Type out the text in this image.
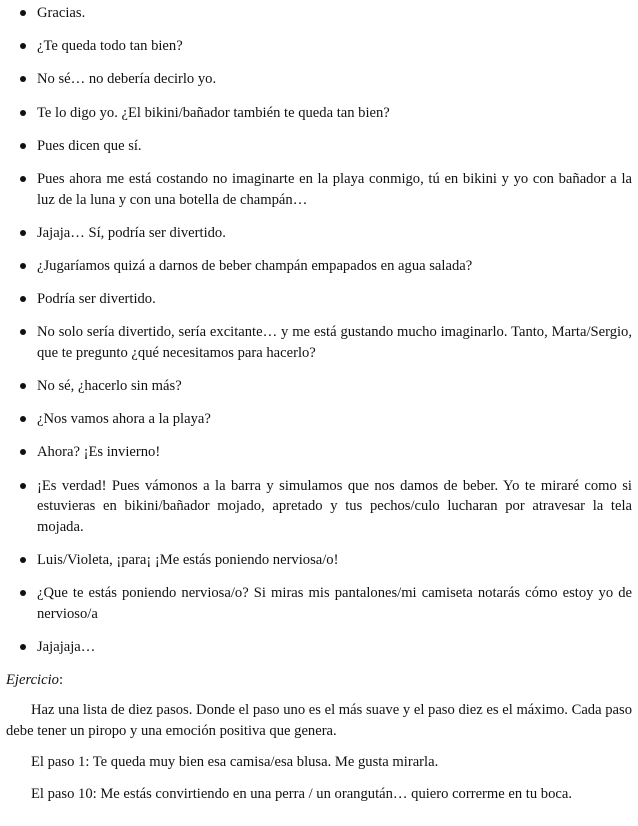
Gracias.
¿Te queda todo tan bien?
No sé… no debería decirlo yo.
Te lo digo yo. ¿El bikini/bañador también te queda tan bien?
Pues dicen que sí.
Pues ahora me está costando no imaginarte en la playa conmigo, tú en bikini y yo con bañador a la luz de la luna y con una botella de champán…
Jajaja… Sí, podría ser divertido.
¿Jugaríamos quizá a darnos de beber champán empapados en agua salada?
Podría ser divertido.
No solo sería divertido, sería excitante… y me está gustando mucho imaginarlo. Tanto, Marta/Sergio, que te pregunto ¿qué necesitamos para hacerlo?
No sé, ¿hacerlo sin más?
¿Nos vamos ahora a la playa?
Ahora? ¡Es invierno!
¡Es verdad! Pues vámonos a la barra y simulamos que nos damos de beber. Yo te miraré como si estuvieras en bikini/bañador mojado, apretado y tus pechos/culo lucharan por atravesar la tela mojada.
Luis/Violeta, ¡para¡ ¡Me estás poniendo nerviosa/o!
¿Que te estás poniendo nerviosa/o? Si miras mis pantalones/mi camiseta notarás cómo estoy yo de nervioso/a
Jajajaja…
Ejercicio:

Haz una lista de diez pasos. Donde el paso uno es el más suave y el paso diez es el máximo. Cada paso debe tener un piropo y una emoción positiva que genera.

El paso 1: Te queda muy bien esa camisa/esa blusa. Me gusta mirarla.

El paso 10: Me estás convirtiendo en una perra / un orangután… quiero correrme en tu boca.
